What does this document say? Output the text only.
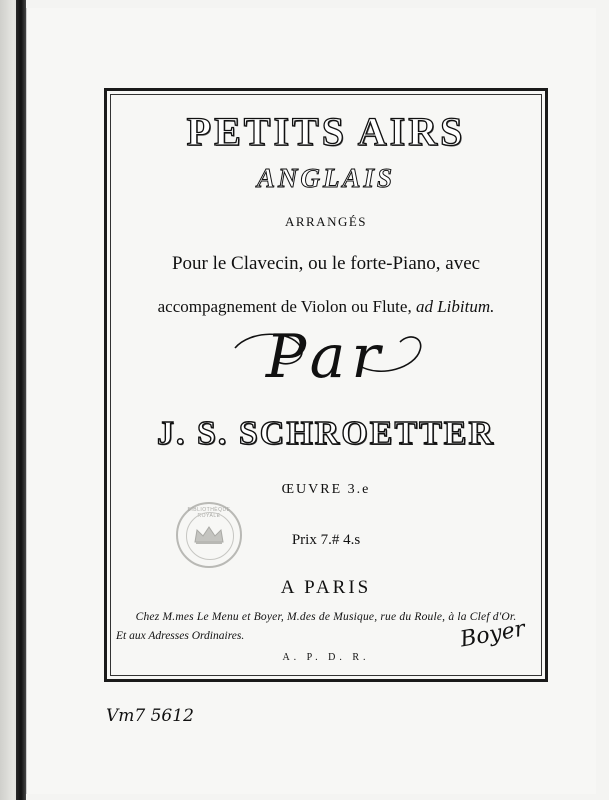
PETITS AIRS
ANGLAIS
ARRANGÉS
Pour le Clavecin, ou le forte-Piano, avec
accompagnement de Violon ou Flute, ad Libitum.
Par
J. S. SCHROETTER
ŒUVRE 3.e
BIBLIOTHÈQUE ROYALE
Prix 7.# 4.s
A PARIS
Chez M.mes Le Menu et Boyer, M.des de Musique, rue du Roule, à la Clef d'Or.
Et aux Adresses Ordinaires.
A. P. D. R.
Boyer
Vm7 5612
